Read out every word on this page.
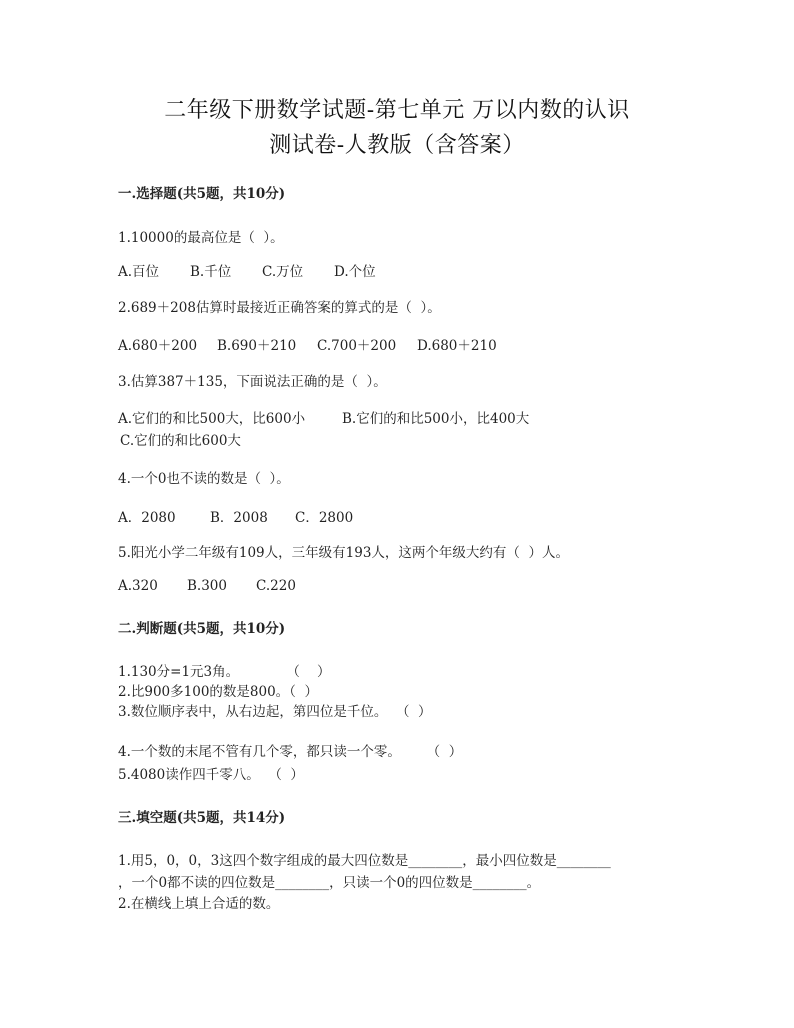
二年级下册数学试题-第七单元 万以内数的认识
测试卷-人教版（含答案）
一.选择题(共5题，共10分)
1.10000的最高位是（  ）。
A.百位 B.千位 C.万位 D.个位
2.689＋208估算时最接近正确答案的算式的是（  ）。
A.680＋200 B.690＋210 C.700＋200 D.680＋210
3.估算387＋135，下面说法正确的是（  ）。
A.它们的和比500大，比600小	B.它们的和比500小，比400大
C.它们的和比600大
4.一个0也不读的数是（  ）。
A．2080	B．2008 C．2800
5.阳光小学二年级有109人，三年级有193人，这两个年级大约有（  ）人。
A.320 B.300 C.220
二.判断题(共5题，共10分)
1.130分=1元3角。           （    ）
2.比900多100的数是800。（  ）
3.数位顺序表中，从右边起，第四位是千位。  （  ）
4.一个数的末尾不管有几个零，都只读一个零。      （  ）
5.4080读作四千零八。  （  ）
三.填空题(共5题，共14分)
1.用5，0，0，3这四个数字组成的最大四位数是________，最小四位数是________
，一个0都不读的四位数是________，只读一个0的四位数是________。
2.在横线上填上合适的数。
